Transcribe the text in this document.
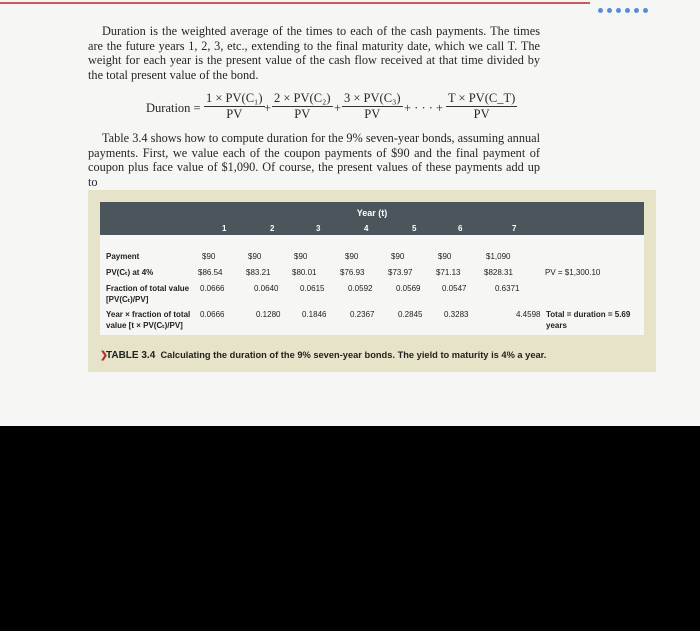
Duration is the weighted average of the times to each of the cash payments. The times are the future years 1, 2, 3, etc., extending to the final maturity date, which we call T. The weight for each year is the present value of the cash flow received at that time divided by the total present value of the bond.

Duration = $\frac{\text{1 × PV(C₁)}}{PV} + \frac{\text{2 × PV(C₂)}}{PV} + \frac{\text{3 × PV(C₃)}}{PV}$ + · · · + $\frac{T \times PV(C\_T)}{PV}$

Table 3.4 shows how to compute duration for the 9% seven-year bonds, assuming annual payments. First, we value each of the coupon payments of $90 and the final payment of coupon plus face value of $1,090. Of course, the present values of these payments add up to

Year (t)
1	2	3	4	5	6	7
Payment	$90	$90	$90	$90	$90	$90	$1,090
PV(Cₜ) at 4%	$86.54	$83.21	$80.01	$76.93	$73.97	$71.13	$828.31	PV = $1,300.10
Fraction of total value
[PV(Cₜ)/PV]
0.0666	0.0640	0.0615	0.0592	0.0569	0.0547	0.6371
Year × fraction of total
value [t × PV(Cₜ)/PV]
0.0666	0.1280	0.1846	0.2367	0.2845	0.3283	4.4598 Total = duration = 5.69
years
❯TABLE 3.4 Calculating the duration of the 9% seven-year bonds. The yield to maturity is 4% a year.
